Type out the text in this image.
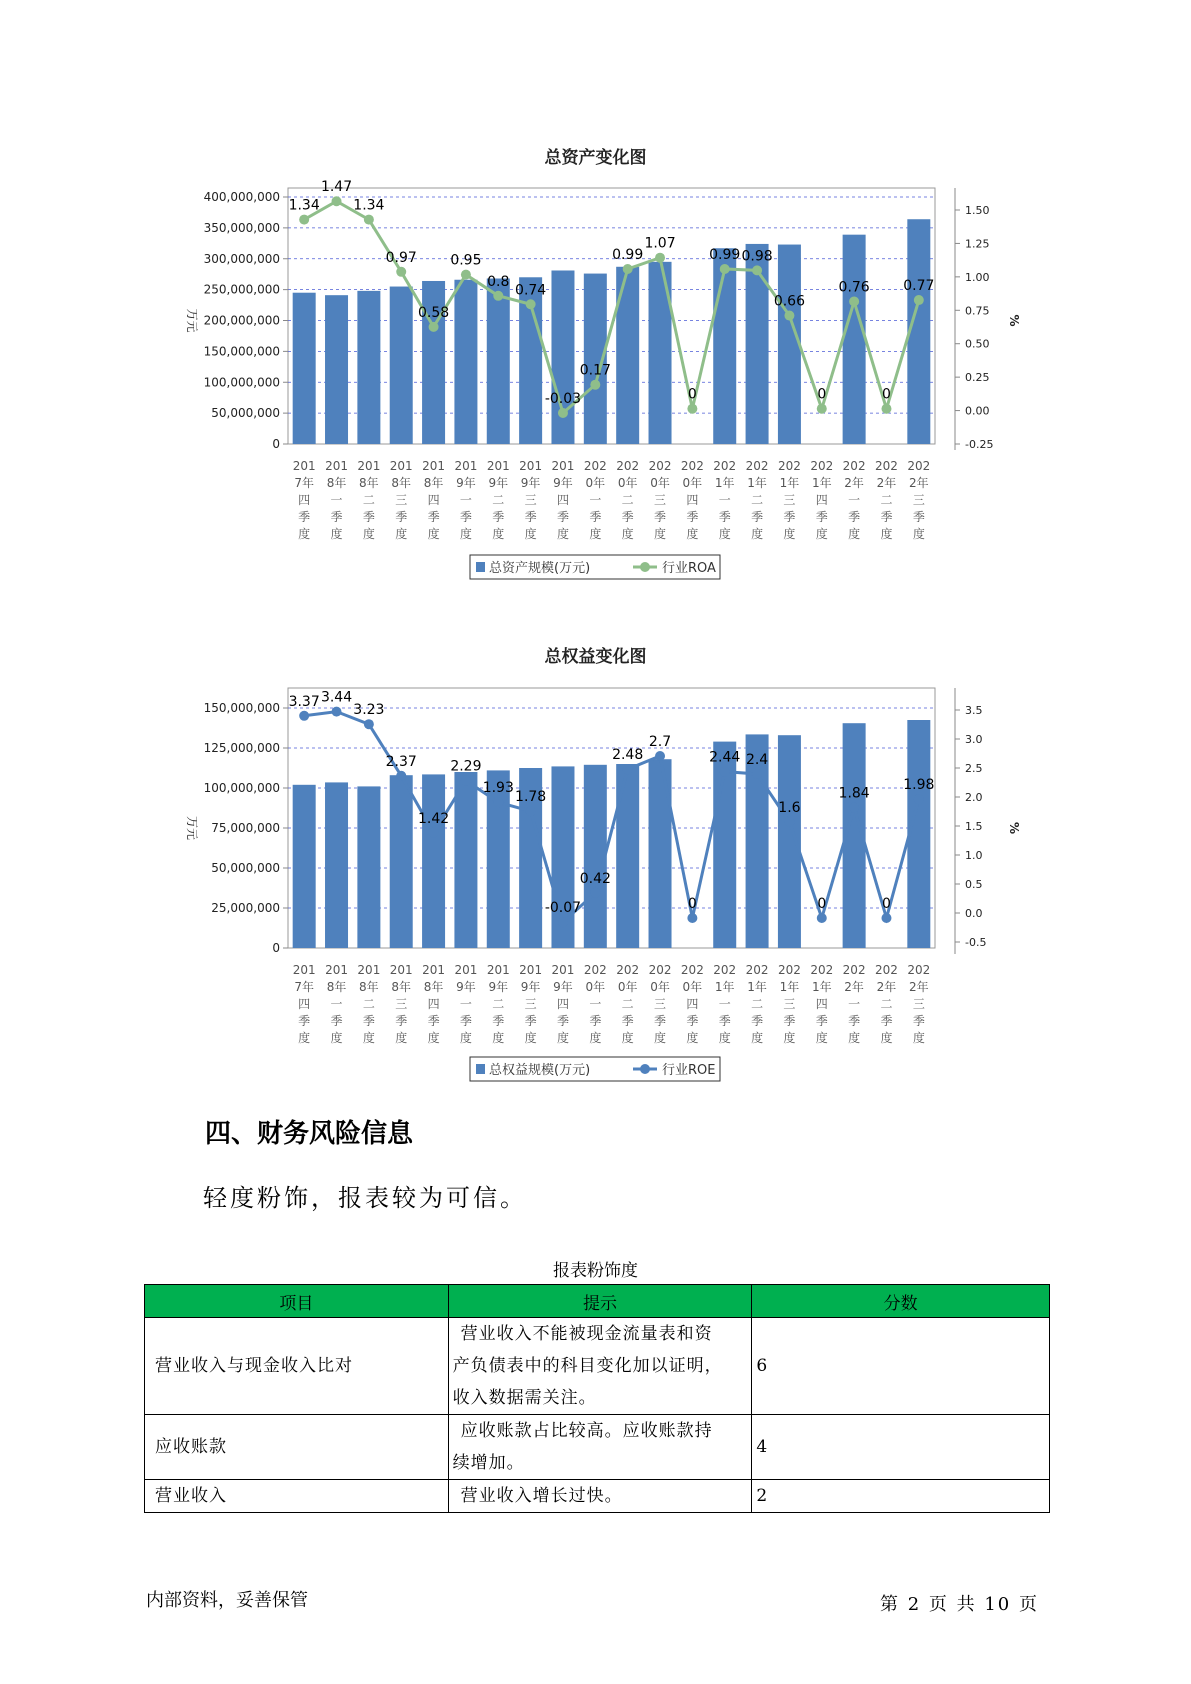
总资产变化图
400,000,000
350,000,000
300,000,000
250,000,000
200,000,000
150,000,000
100,000,000
50,000,000
0
1.50
1.25
1.00
0.75
0.50
0.25
0.00
-0.25
万元	%
1.34
1.47
1.34
0.97
0.58
0.95
0.8
0.74
-0.03
0.17
0.99
1.07
0
0.99 0.98
0.66
0
0.76
0
0.77
201
7年
四
季
度
201
8年
一
季
度
201
8年
二
季
度
201
8年
三
季
度
201
8年
四
季
度
201
9年
一
季
度
201
9年
二
季
度
201
9年
三
季
度
201
9年
四
季
度
202
0年
一
季
度
202
0年
二
季
度
202
0年
三
季
度
202
0年
四
季
度
202
1年
一
季
度
202
1年
二
季
度
202
1年
三
季
度
202
1年
四
季
度
202
2年
一
季
度
202
2年
二
季
度
202
2年
三
季
度
总资产规模(万元)	行业ROA
总权益变化图
150,000,000
125,000,000
100,000,000
75,000,000
50,000,000
25,000,000
0
3.5
3.0
2.5
2.0
1.5
1.0
0.5
0.0
-0.5
万元	%
3.37 3.44
3.23
2.37
1.42
2.29
1.93
1.78
-0.07
0.42
2.48
2.7
0
2.44 2.4
1.6
0
1.84
0
1.98
201
7年
四
季
度
201
8年
一
季
度
201
8年
二
季
度
201
8年
三
季
度
201
8年
四
季
度
201
9年
一
季
度
201
9年
二
季
度
201
9年
三
季
度
201
9年
四
季
度
202
0年
一
季
度
202
0年
二
季
度
202
0年
三
季
度
202
0年
四
季
度
202
1年
一
季
度
202
1年
二
季
度
202
1年
三
季
度
202
1年
四
季
度
202
2年
一
季
度
202
2年
二
季
度
202
2年
三
季
度
总权益规模(万元)	行业ROE
四、财务风险信息
轻度粉饰，报表较为可信。
报表粉饰度
项目	提示	分数
营业收入与现金收入比对	营业收入不能被现金流量表和资
产负债表中的科目变化加以证明，
收入数据需关注。	6
应收账款	应收账款占比较高。应收账款持
续增加。	4
营业收入	营业收入增长过快。	2
内部资料，妥善保管	第 2 页 共 10 页
